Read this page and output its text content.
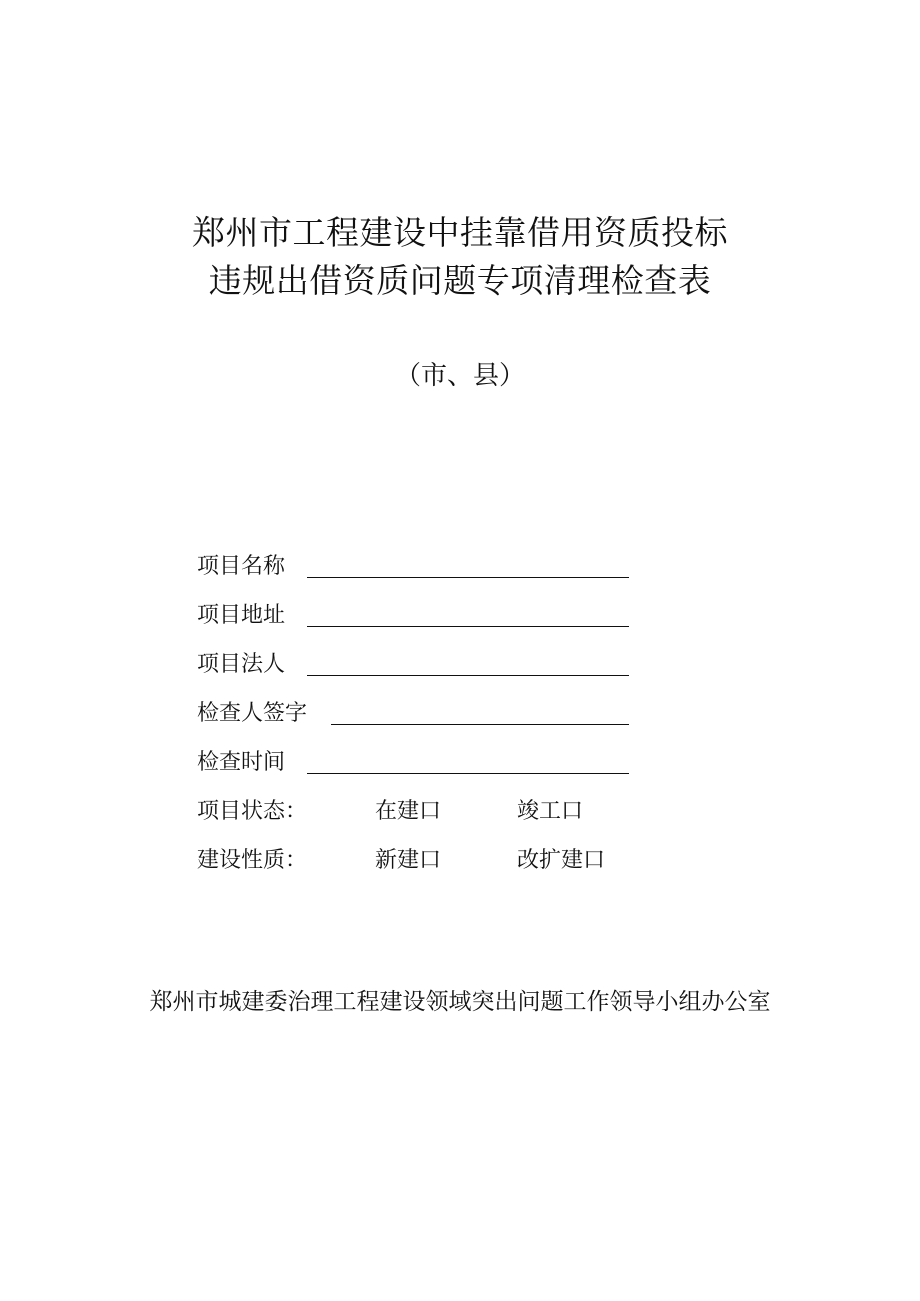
郑州市工程建设中挂靠借用资质投标
违规出借资质问题专项清理检查表
（市、县）
项目名称
项目地址
项目法人
检查人签字
检查时间
项目状态：	在建口	竣工口
建设性质：	新建口	改扩建口
郑州市城建委治理工程建设领域突出问题工作领导小组办公室
